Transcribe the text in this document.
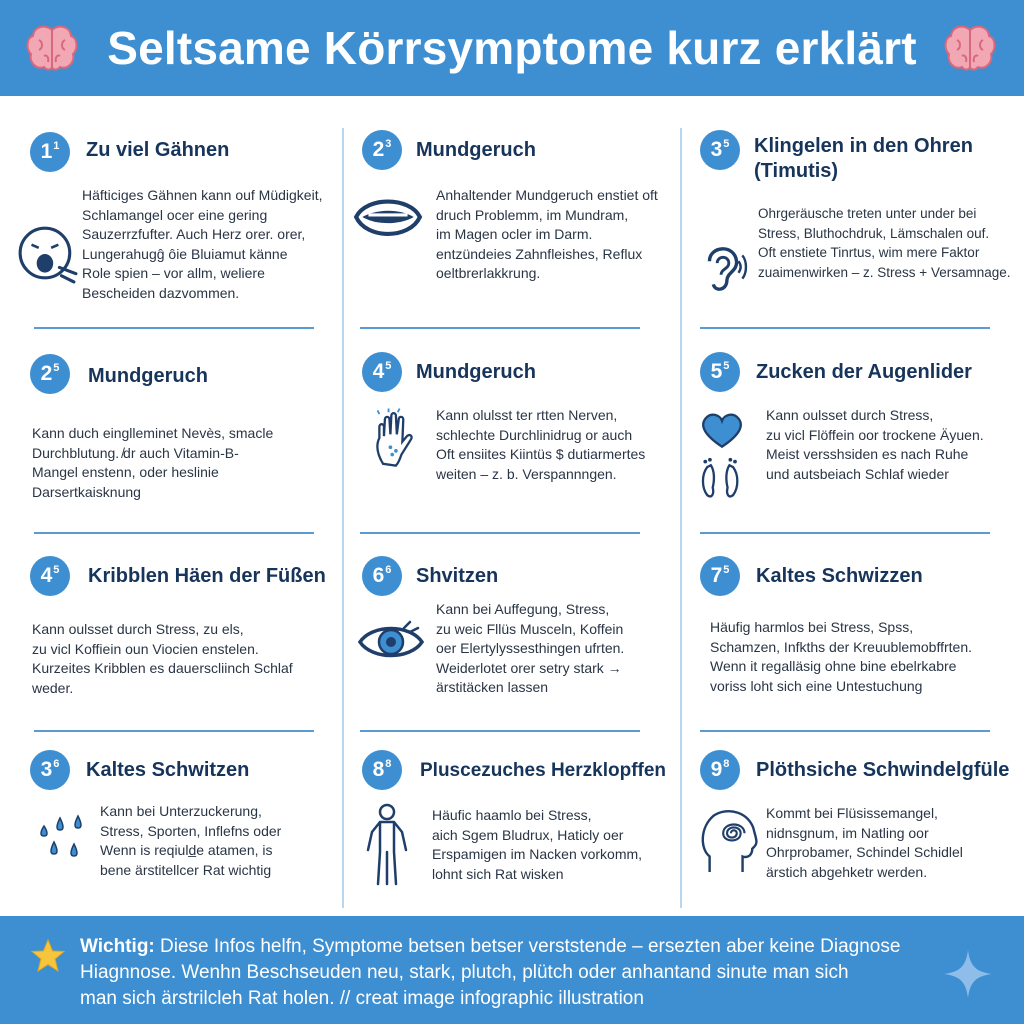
Seltsame Körrsymptome kurz erklärt
$1^1$	Zu viel Gähnen
Häfticiges Gähnen kann ouf Müdigkeit,
Schlamangel ocer eine gering
Sauzerrzfufter. Auch Herz orer. orer,
Lungerahugĝ ôie Bluiamut känne
Role spien – vor allm, weliere
Bescheiden dazvommen.
$2^3$	Mundgeruch
Anhaltender Mundgeruch enstiet oft
druch Problemm, im Mundram,
im Magen ocler im Darm.
entzündeies Zahnfleishes, Reflux
oeltbrerlakkrung.
$3^5$	Klingelen in den Ohren
(Timutis)
Ohrgeräusche treten unter under bei
Stress, Bluthochdruk, Lämschalen ouf.
Oft enstiete Tinrtus, wim mere Faktor
zuaimenwirken – z. Stress + Versamnage.
$2^5$	Mundgeruch
Kann duch einglleminet Nevès, smacle
Durchblutung. ̸dr auch Vitamin-B-
Mangel enstenn, oder heslinie
Darsertkaisknung
$4^5$	Mundgeruch
Kann olulsst ter rtten Nerven,
schlechte Durchlinidrug or auch
Oft ensiites Kiintüs $ dutiarmertes
weiten – z. b. Verspannngen.
$5^5$	Zucken der Augenlider
Kann oulsset durch Stress,
zu vicl Flöffein oor trockene Äyuen.
Meist versshsiden es nach Ruhe
und autsbeiach Schlaf wieder
$4^5$	Kribblen Häen der Füßen
Kann oulsset durch Stress, zu els,
zu vicl Koffiein oun Viocien enstelen.
Kurzeites Kribblen es dauerscliinch Schlaf
weder.
$6^6$	Shvitzen
Kann bei Auffegung, Stress,
zu weic Fllüs Musceln, Koffein
oer Elertylyssesthingen ufrten.
Weiderlotet orer setry stark →
ärstitäcken lassen
$7^5$	Kaltes Schwizzen
Häufig harmlos bei Stress, Spss,
Schamzen, Infkths der Kreuublemobffrten.
Wenn it regalläsig ohne bine ebelrkabre
voriss loht sich eine Untestuchung
$3^6$	Kaltes Schwitzen
Kann bei Unterzuckerung,
Stress, Sporten, Inflefns oder
Wenn is reqiuld̲e atamen, is
bene ärstitellcer Rat wichtig
$8^8$	Pluscezuches Herzklopffen
Häufic haamlo bei Stress,
aich Sgem Bludrux, Haticly oer
Erspamigen im Nacken vorkomm,
lohnt sich Rat wisken
$9^8$	Plöthsiche Schwindelgfüle
Kommt bei Flüsissemangel,
nidnsgnum, im Natling oor
Ohrprobamer, Schindel Schidlel
ärstich abgehketr werden.
Wichtig: Diese Infos helfn, Symptome betsen betser verststende – ersezten aber keine Diagnose
Hiagnnose. Wenhn Beschseuden neu, stark, plutch, plütch oder anhantand sinute man sich
man sich ärstrilcleh Rat holen. // creat image infographic illustration
